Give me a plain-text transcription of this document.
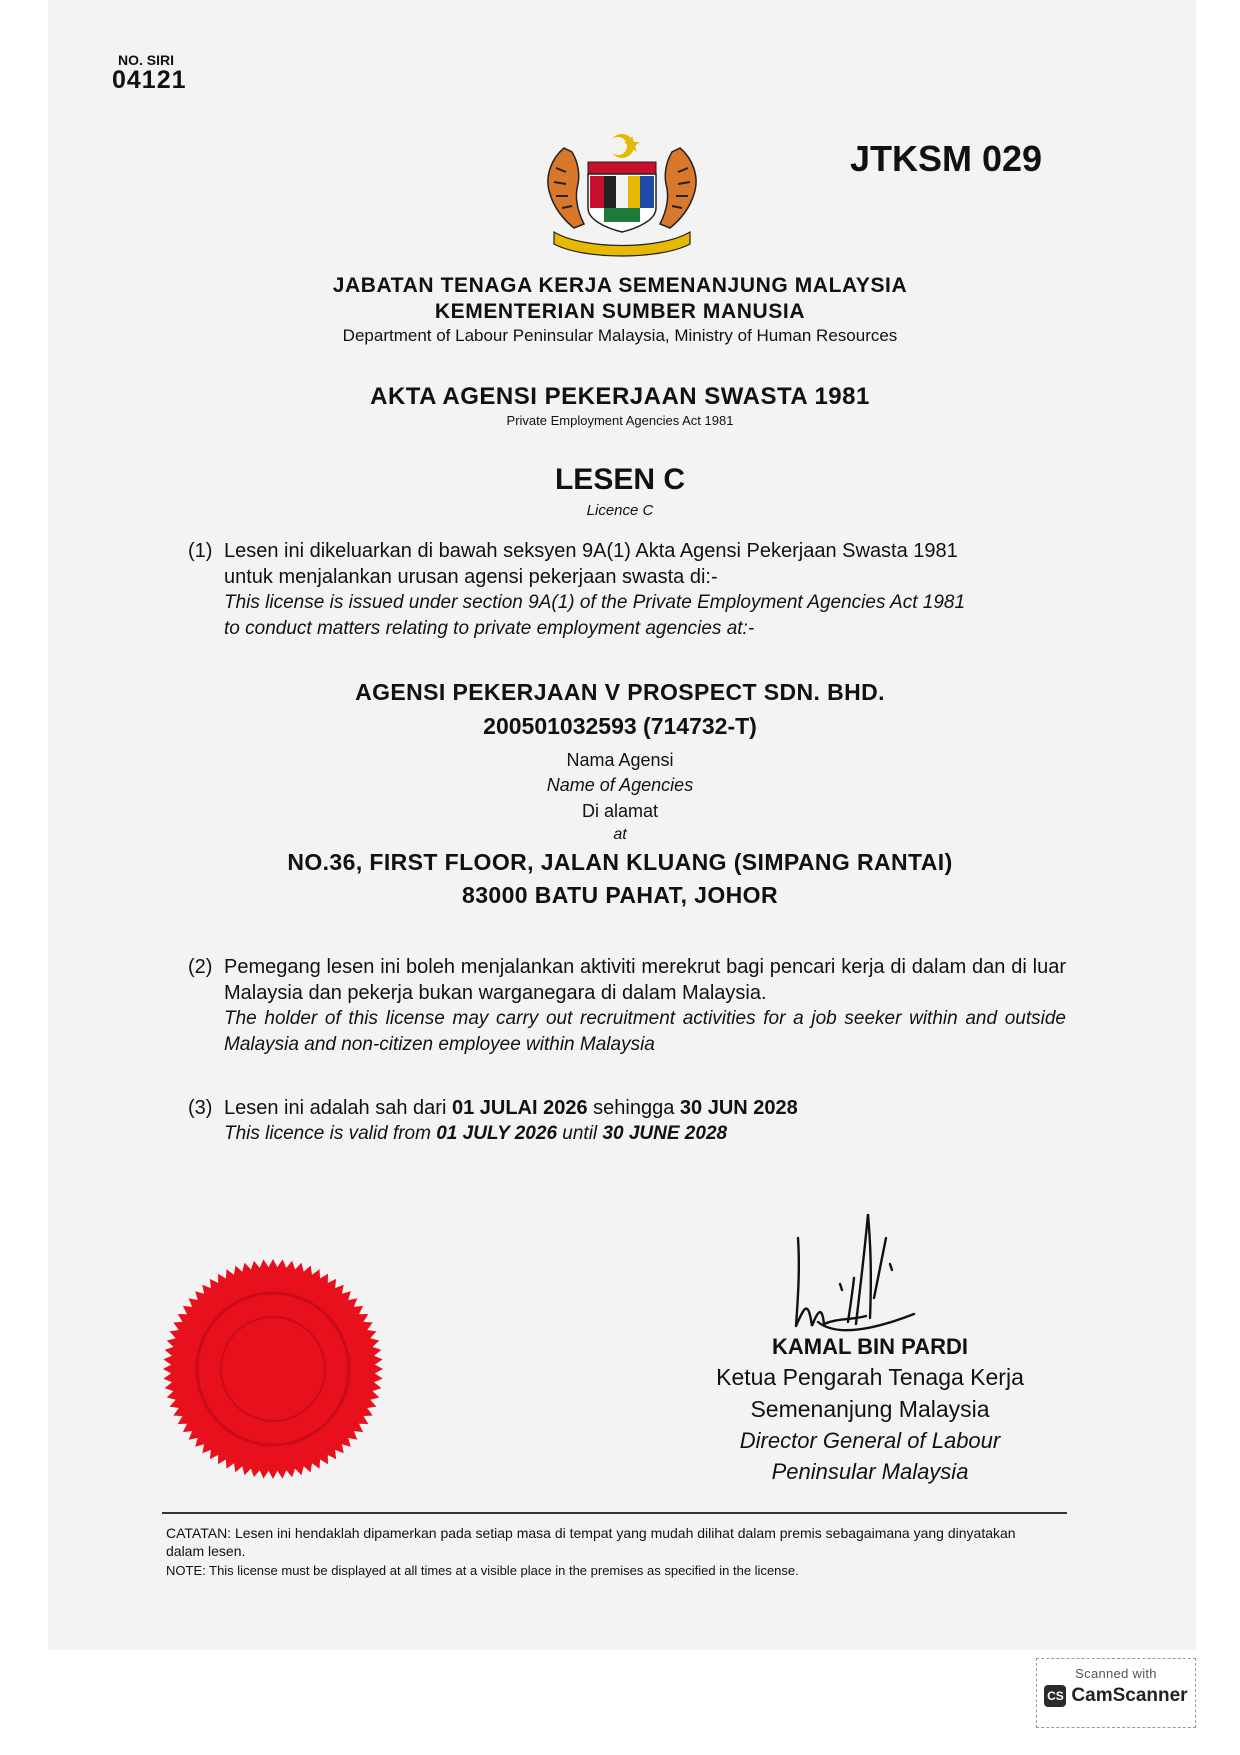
NO. SIRI
04121
JTKSM 029
JABATAN TENAGA KERJA SEMENANJUNG MALAYSIA
KEMENTERIAN SUMBER MANUSIA
Department of Labour Peninsular Malaysia, Ministry of Human Resources
AKTA AGENSI PEKERJAAN SWASTA 1981
Private Employment Agencies Act 1981
LESEN C
Licence C
(1) Lesen ini dikeluarkan di bawah seksyen 9A(1) Akta Agensi Pekerjaan Swasta 1981
untuk menjalankan urusan agensi pekerjaan swasta di:-
This license is issued under section 9A(1) of the Private Employment Agencies Act 1981
to conduct matters relating to private employment agencies at:-
AGENSI PEKERJAAN V PROSPECT SDN. BHD.
200501032593 (714732-T)
Nama Agensi
Name of Agencies
Di alamat
at
NO.36, FIRST FLOOR, JALAN KLUANG (SIMPANG RANTAI)
83000 BATU PAHAT, JOHOR
(2) Pemegang lesen ini boleh menjalankan aktiviti merekrut bagi pencari kerja di dalam dan di luar Malaysia dan pekerja bukan warganegara di dalam Malaysia.
The holder of this license may carry out recruitment activities for a job seeker within and outside Malaysia and non-citizen employee within Malaysia
(3) Lesen ini adalah sah dari 01 JULAI 2026 sehingga 30 JUN 2028
This licence is valid from 01 JULY 2026 until 30 JUNE 2028
KAMAL BIN PARDI
Ketua Pengarah Tenaga Kerja
Semenanjung Malaysia
Director General of Labour
Peninsular Malaysia
CATATAN: Lesen ini hendaklah dipamerkan pada setiap masa di tempat yang mudah dilihat dalam premis sebagaimana yang dinyatakan dalam lesen.
NOTE: This license must be displayed at all times at a visible place in the premises as specified in the license.
Scanned with
CS CamScanner
